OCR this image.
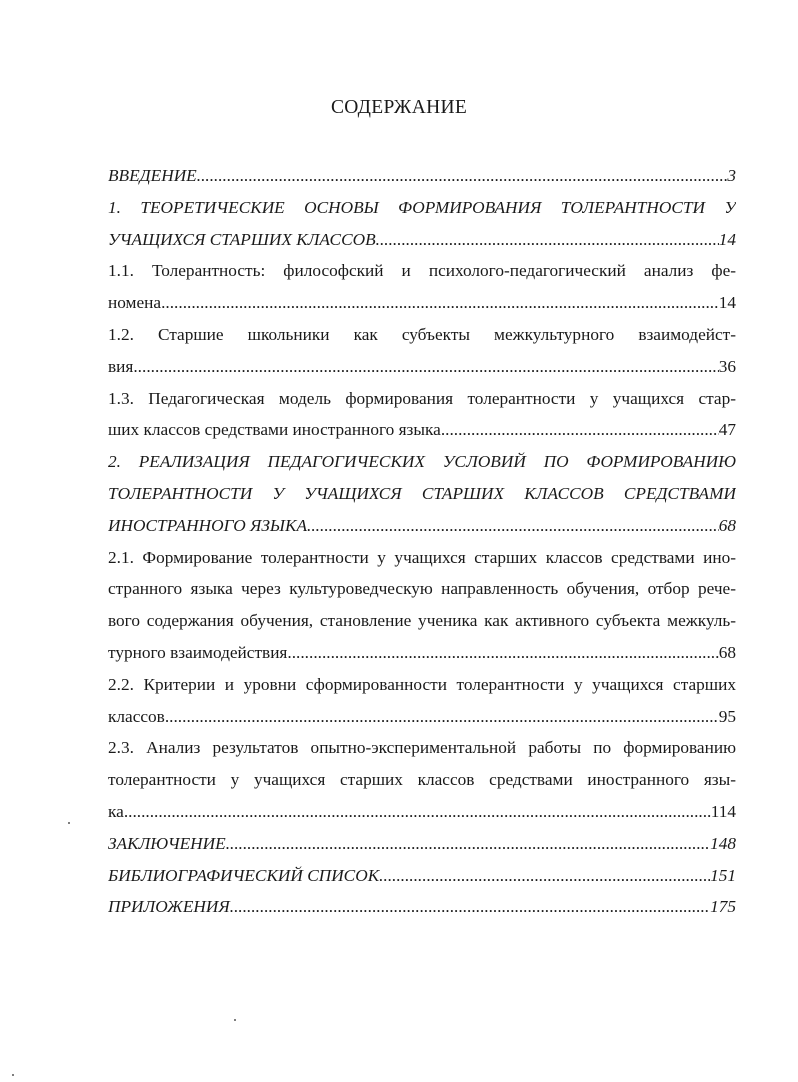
СОДЕРЖАНИЕ
ВВЕДЕНИЕ .....	3
1. ТЕОРЕТИЧЕСКИЕ ОСНОВЫ ФОРМИРОВАНИЯ ТОЛЕРАНТНОСТИ У
УЧАЩИХСЯ СТАРШИХ КЛАССОВ .....	14
1.1. Толерантность: философский и психолого-педагогический анализ фе-
номена .....	14
1.2. Старшие школьники как субъекты межкультурного взаимодейст-
вия .....	36
1.3. Педагогическая модель формирования толерантности у учащихся стар-
ших классов средствами иностранного языка .....	47
2. РЕАЛИЗАЦИЯ ПЕДАГОГИЧЕСКИХ УСЛОВИЙ ПО ФОРМИРОВАНИЮ
ТОЛЕРАНТНОСТИ У УЧАЩИХСЯ СТАРШИХ КЛАССОВ СРЕДСТВАМИ
ИНОСТРАННОГО ЯЗЫКА .....	68
2.1. Формирование толерантности у учащихся старших классов средствами ино-
странного языка через культуроведческую направленность обучения, отбор рече-
вого содержания обучения, становление ученика как активного субъекта межкуль-
турного взаимодействия .....	68
2.2. Критерии и уровни сформированности толерантности у учащихся старших
классов .....	95
2.3. Анализ результатов опытно-экспериментальной работы по формированию
толерантности у учащихся старших классов средствами иностранного язы-
ка .....	114
ЗАКЛЮЧЕНИЕ .....	148
БИБЛИОГРАФИЧЕСКИЙ СПИСОК .....	151
ПРИЛОЖЕНИЯ .....	175
